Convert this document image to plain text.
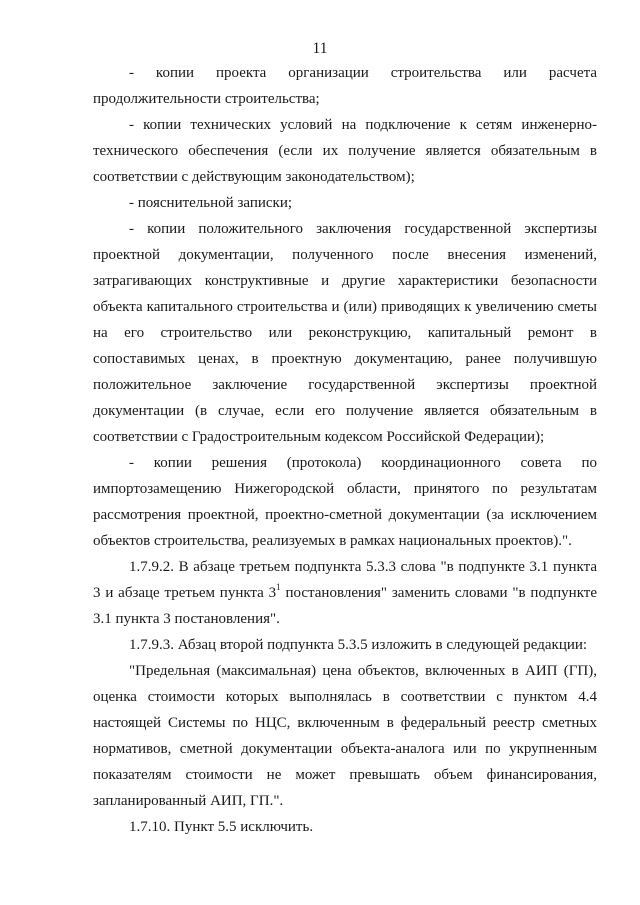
11

- копии проекта организации строительства или расчета продолжительности строительства;

- копии технических условий на подключение к сетям инженерно-технического обеспечения (если их получение является обязательным в соответствии с действующим законодательством);

- пояснительной записки;

- копии положительного заключения государственной экспертизы проектной документации, полученного после внесения изменений, затрагивающих конструктивные и другие характеристики безопасности объекта капитального строительства и (или) приводящих к увеличению сметы на его строительство или реконструкцию, капитальный ремонт в сопоставимых ценах, в проектную документацию, ранее получившую положительное заключение государственной экспертизы проектной документации (в случае, если его получение является обязательным в соответствии с Градостроительным кодексом Российской Федерации);

- копии решения (протокола) координационного совета по импортозамещению Нижегородской области, принятого по результатам рассмотрения проектной, проектно-сметной документации (за исключением объектов строительства, реализуемых в рамках национальных проектов).".

1.7.9.2. В абзаце третьем подпункта 5.3.3 слова "в подпункте 3.1 пункта 3 и абзаце третьем пункта $3^1$ постановления" заменить словами "в подпункте 3.1 пункта 3 постановления".

1.7.9.3. Абзац второй подпункта 5.3.5 изложить в следующей редакции:

"Предельная (максимальная) цена объектов, включенных в АИП (ГП), оценка стоимости которых выполнялась в соответствии с пунктом 4.4 настоящей Системы по НЦС, включенным в федеральный реестр сметных нормативов, сметной документации объекта-аналога или по укрупненным показателям стоимости не может превышать объем финансирования, запланированный АИП, ГП.".

1.7.10. Пункт 5.5 исключить.
